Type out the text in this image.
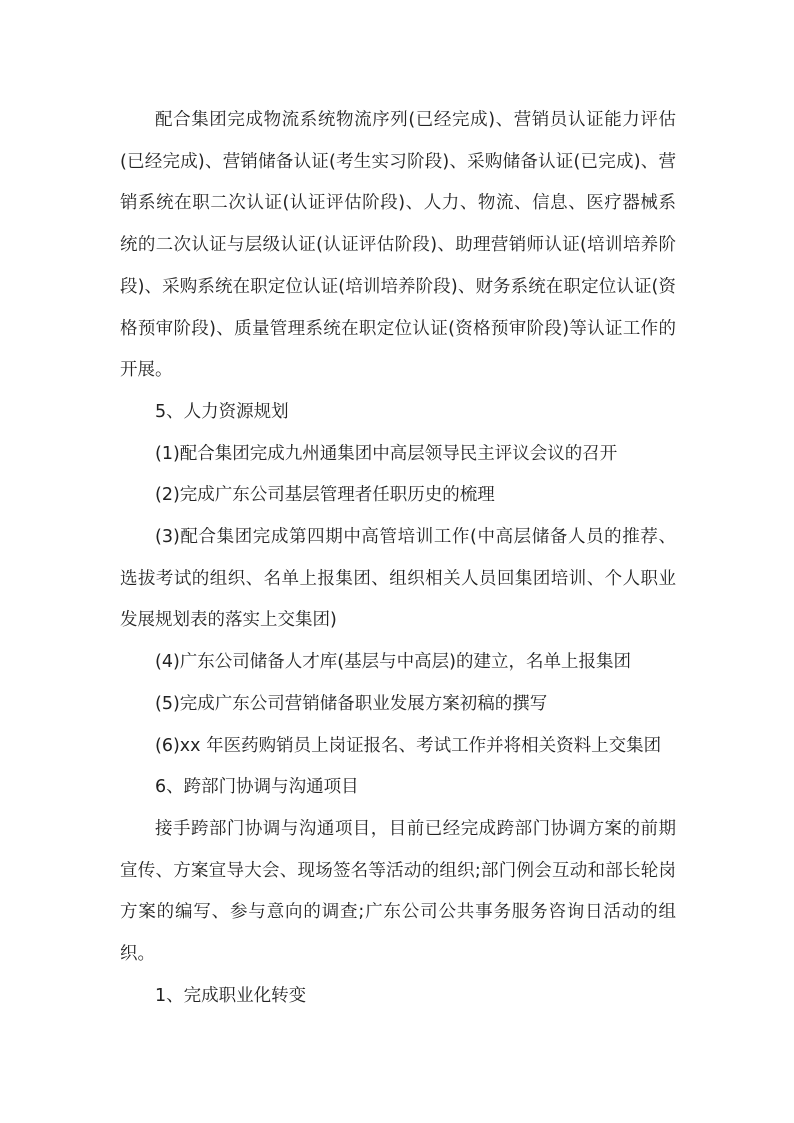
配合集团完成物流系统物流序列(已经完成)、营销员认证能力评估(已经完成)、营销储备认证(考生实习阶段)、采购储备认证(已完成)、营销系统在职二次认证(认证评估阶段)、人力、物流、信息、医疗器械系统的二次认证与层级认证(认证评估阶段)、助理营销师认证(培训培养阶段)、采购系统在职定位认证(培训培养阶段)、财务系统在职定位认证(资格预审阶段)、质量管理系统在职定位认证(资格预审阶段)等认证工作的开展。

5、人力资源规划

(1)配合集团完成九州通集团中高层领导民主评议会议的召开

(2)完成广东公司基层管理者任职历史的梳理

(3)配合集团完成第四期中高管培训工作(中高层储备人员的推荐、选拔考试的组织、名单上报集团、组织相关人员回集团培训、个人职业发展规划表的落实上交集团)

(4)广东公司储备人才库(基层与中高层)的建立，名单上报集团

(5)完成广东公司营销储备职业发展方案初稿的撰写

(6)xx 年医药购销员上岗证报名、考试工作并将相关资料上交集团

6、跨部门协调与沟通项目

接手跨部门协调与沟通项目，目前已经完成跨部门协调方案的前期宣传、方案宣导大会、现场签名等活动的组织;部门例会互动和部长轮岗方案的编写、参与意向的调查;广东公司公共事务服务咨询日活动的组织。

1、完成职业化转变
